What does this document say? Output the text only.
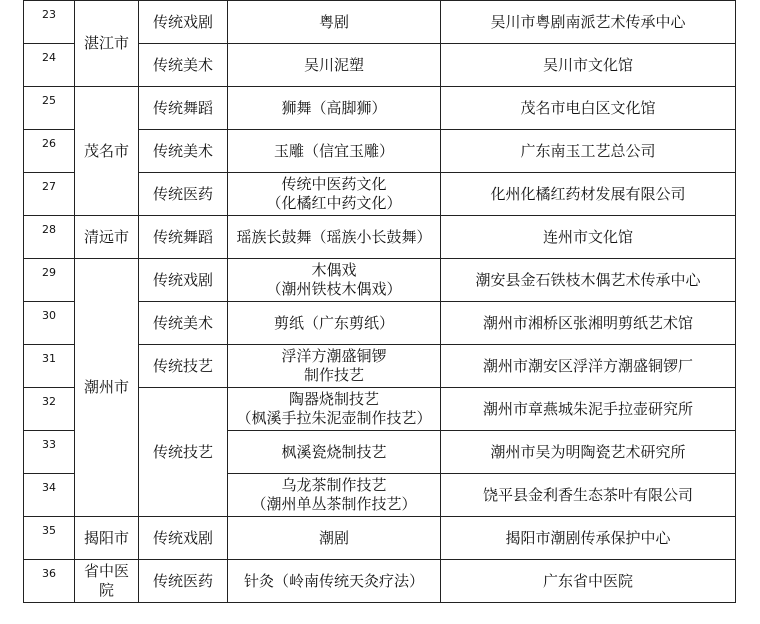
23	湛江市	传统戏剧	粤剧	吴川市粤剧南派艺术传承中心
24		传统美术	吴川泥塑	吴川市文化馆
25	茂名市	传统舞蹈	狮舞（高脚狮）	茂名市电白区文化馆
26		传统美术	玉雕（信宜玉雕）	广东南玉工艺总公司
27		传统医药	传统中医药文化
（化橘红中药文化）	化州化橘红药材发展有限公司
28	清远市	传统舞蹈	瑶族长鼓舞（瑶族小长鼓舞）	连州市文化馆
29	潮州市	传统戏剧	木偶戏
（潮州铁枝木偶戏）	潮安县金石铁枝木偶艺术传承中心
30		传统美术	剪纸（广东剪纸）	潮州市湘桥区张湘明剪纸艺术馆
31		传统技艺	浮洋方潮盛铜锣
制作技艺	潮州市潮安区浮洋方潮盛铜锣厂
32		传统技艺	陶器烧制技艺
（枫溪手拉朱泥壶制作技艺）	潮州市章燕城朱泥手拉壶研究所
33			枫溪瓷烧制技艺	潮州市吴为明陶瓷艺术研究所
34			乌龙茶制作技艺
（潮州单丛茶制作技艺）	饶平县金利香生态茶叶有限公司
35	揭阳市	传统戏剧	潮剧	揭阳市潮剧传承保护中心
36	省中医
院	传统医药	针灸（岭南传统天灸疗法）	广东省中医院
